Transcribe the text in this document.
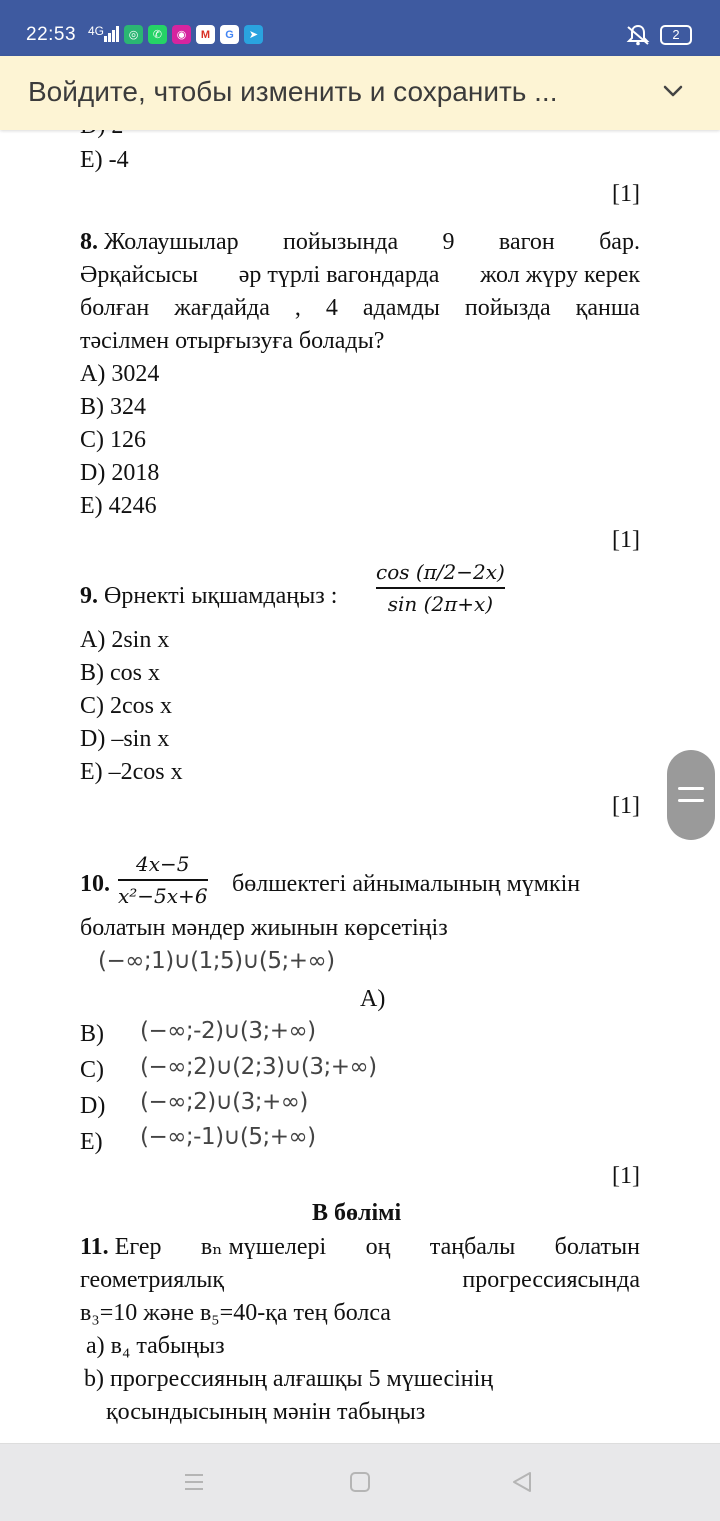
E) -4
[1]
8. Жолаушылар пойызында 9 вагон бар.
Әрқайсысы әр түрлі вагондарда жол жүру керек
болған жағдайда , 4 адамды пойызда қанша
тәсілмен отырғызуға болады?
A) 3024
B) 324
C) 126
D) 2018
E) 4246
[1]
9. Өрнекті ықшамдаңыз :
cos (π/2−2x)
sin (2π+x)
A) 2sin x
B) cos x
C) 2cos x
D) –sin x
E) –2cos x
[1]
10.
4x−5
x²−5x+6 бөлшектегі айнымалының мүмкін
болатын мәндер жиынын көрсетіңіз
(−∞;1)∪(1;5)∪(5;+∞)
A)
B) (−∞;-2)∪(3;+∞)
C) (−∞;2)∪(2;3)∪(3;+∞)
D) (−∞;2)∪(3;+∞)
E) (−∞;-1)∪(5;+∞)
[1]
B бөлімі
11. Егер вₙ мүшелері оң таңбалы болатын
геометриялық	прогрессиясында
в₃=10 және в₅=40-қа тең болса
a) в₄ табыңыз
b) прогрессияның алғашқы 5 мүшесінің
қосындысының мәнін табыңыз
22:53 4G	◎	✆	◉	M	G	➤	2
Войдите, чтобы изменить и сохранить ...
